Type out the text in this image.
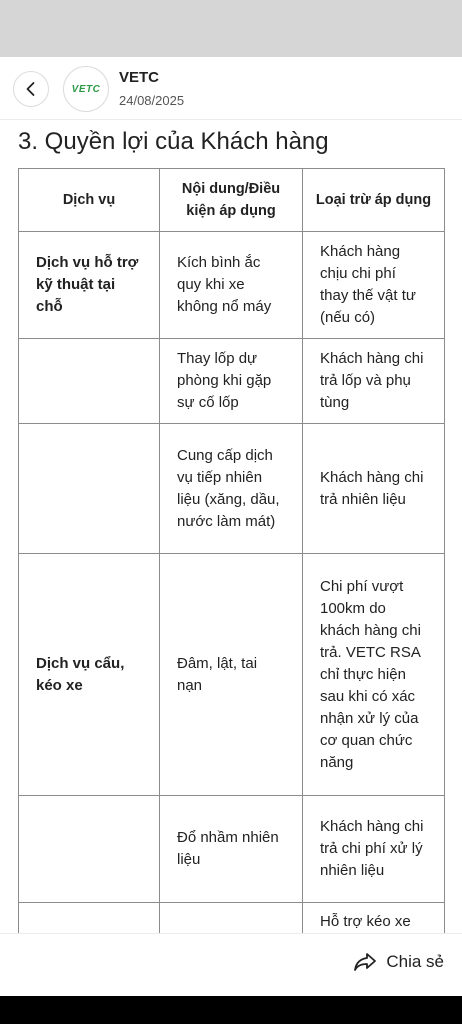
VETC
VETC
24/08/2025
3. Quyền lợi của Khách hàng
Dịch vụ	Nội dung/Điều kiện áp dụng	Loại trừ áp dụng
Dịch vụ hỗ trợ kỹ thuật tại chỗ	Kích bình ắc quy khi xe không nổ máy	Khách hàng chịu chi phí thay thế vật tư (nếu có)
	Thay lốp dự phòng khi gặp sự cố lốp	Khách hàng chi trả lốp và phụ tùng
	Cung cấp dịch vụ tiếp nhiên liệu (xăng, dầu, nước làm mát)	Khách hàng chi trả nhiên liệu
Dịch vụ cẩu, kéo xe	Đâm, lật, tai nạn	Chi phí vượt 100km do khách hàng chi trả. VETC RSA chỉ thực hiện sau khi có xác nhận xử lý của cơ quan chức năng
	Đổ nhầm nhiên liệu	Khách hàng chi trả chi phí xử lý nhiên liệu
		Hỗ trợ kéo xe
Chia sẻ
